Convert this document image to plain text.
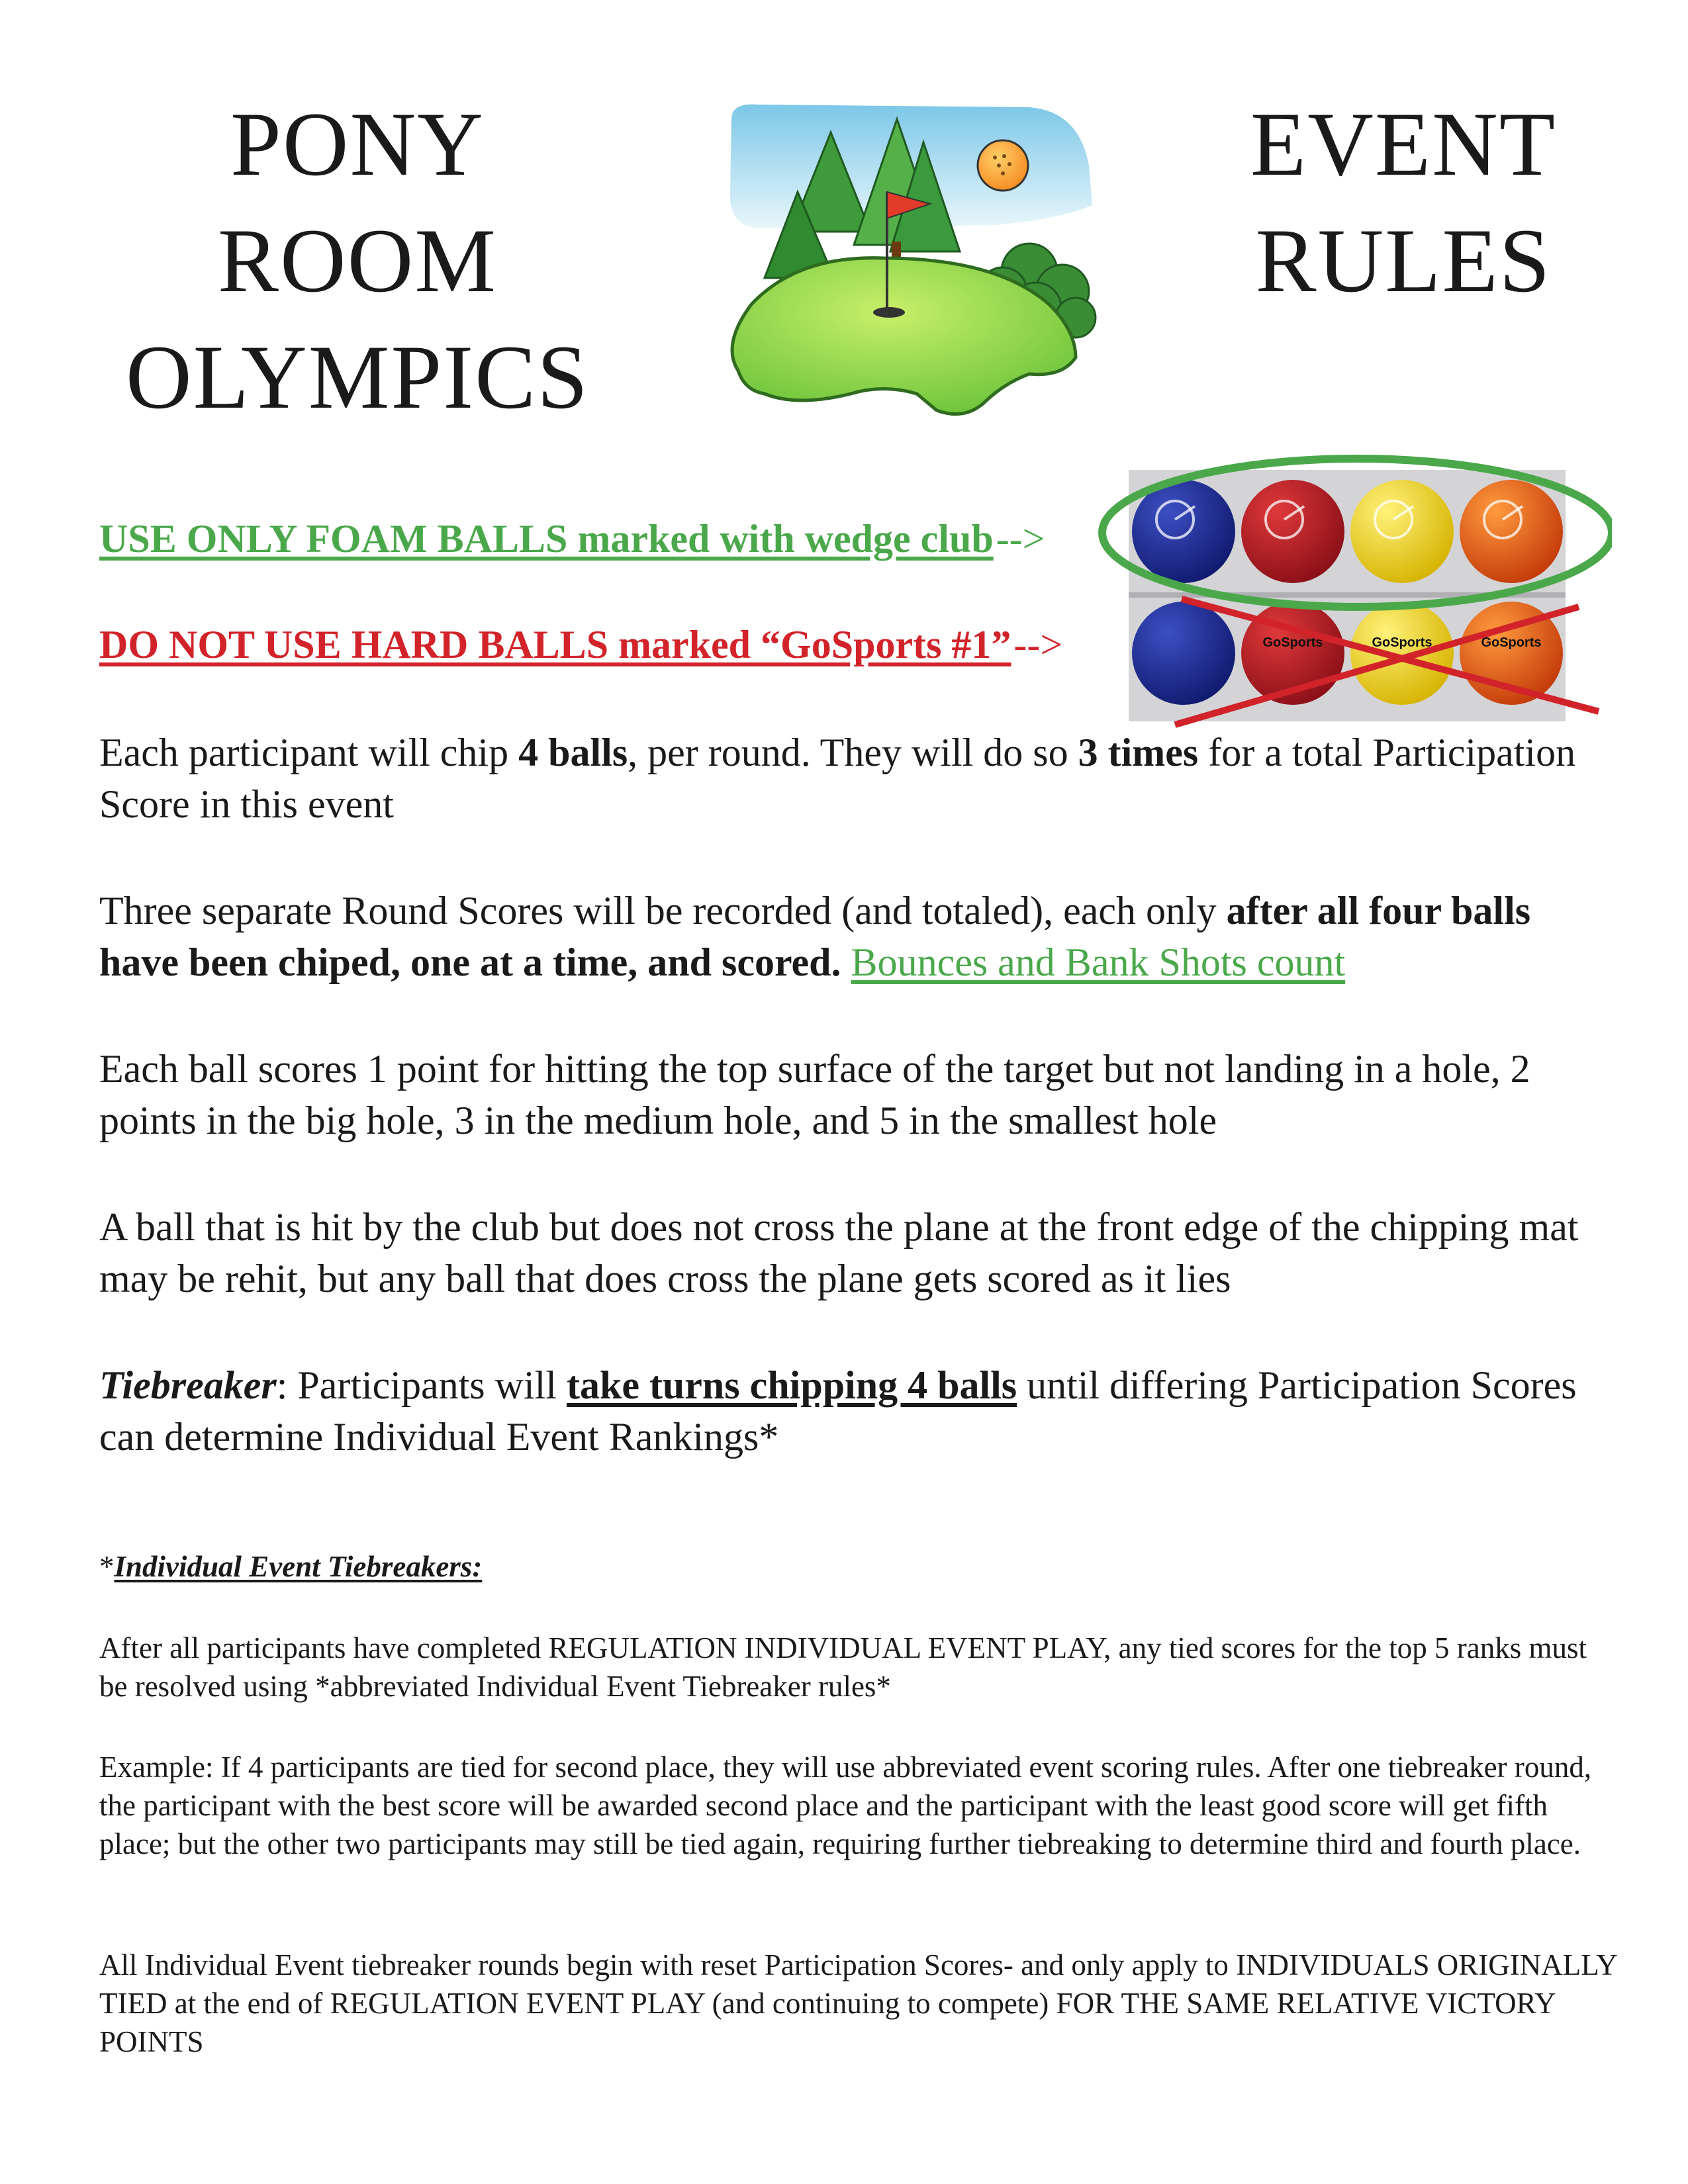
PONY
ROOM
OLYMPICS
EVENT
RULES
GoSports	GoSports	GoSports
USE ONLY FOAM BALLS marked with wedge club-->
DO NOT USE HARD BALLS marked “GoSports #1”-->
Each participant will chip 4 balls, per round. They will do so 3 times for a total Participation Score in this event
Three separate Round Scores will be recorded (and totaled), each only after all four balls have been chiped, one at a time, and scored. Bounces and Bank Shots count
Each ball scores 1 point for hitting the top surface of the target but not landing in a hole, 2 points in the big hole, 3 in the medium hole, and 5 in the smallest hole
A ball that is hit by the club but does not cross the plane at the front edge of the chipping mat may be rehit, but any ball that does cross the plane gets scored as it lies
Tiebreaker: Participants will take turns chipping 4 balls until differing Participation Scores can determine Individual Event Rankings*
*Individual Event Tiebreakers:
After all participants have completed REGULATION INDIVIDUAL EVENT PLAY, any tied scores for the top 5 ranks must be resolved using *abbreviated Individual Event Tiebreaker rules*
Example: If 4 participants are tied for second place, they will use abbreviated event scoring rules. After one tiebreaker round, the participant with the best score will be awarded second place and the participant with the least good score will get fifth place; but the other two participants may still be tied again, requiring further tiebreaking to determine third and fourth place.
All Individual Event tiebreaker rounds begin with reset Participation Scores- and only apply to INDIVIDUALS ORIGINALLY TIED at the end of REGULATION EVENT PLAY (and continuing to compete) FOR THE SAME RELATIVE VICTORY POINTS
